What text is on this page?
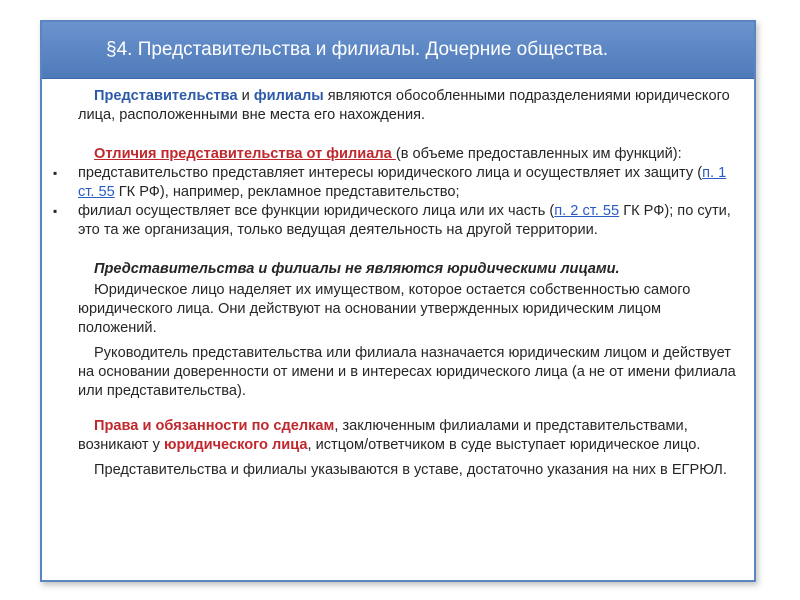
§4. Представительства и филиалы. Дочерние общества.

Представительства и филиалы являются обособленными подразделениями юридического лица, расположенными вне места его нахождения.

Отличия представительства от филиала (в объеме предоставленных им функций):

▪ представительство представляет интересы юридического лица и осуществляет их защиту (п. 1 ст. 55 ГК РФ), например, рекламное представительство;

▪ филиал осуществляет все функции юридического лица или их часть (п. 2 ст. 55 ГК РФ); по сути, это та же организация, только ведущая деятельность на другой территории.

Представительства и филиалы не являются юридическими лицами.

Юридическое лицо наделяет их имуществом, которое остается собственностью самого юридического лица. Они действуют на основании утвержденных юридическим лицом положений.

Руководитель представительства или филиала назначается юридическим лицом и действует на основании доверенности от имени и в интересах юридического лица (а не от имени филиала или представительства).

Права и обязанности по сделкам, заключенным филиалами и представительствами, возникают у юридического лица, истцом/ответчиком в суде выступает юридическое лицо.

Представительства и филиалы указываются в уставе, достаточно указания на них в ЕГРЮЛ.
